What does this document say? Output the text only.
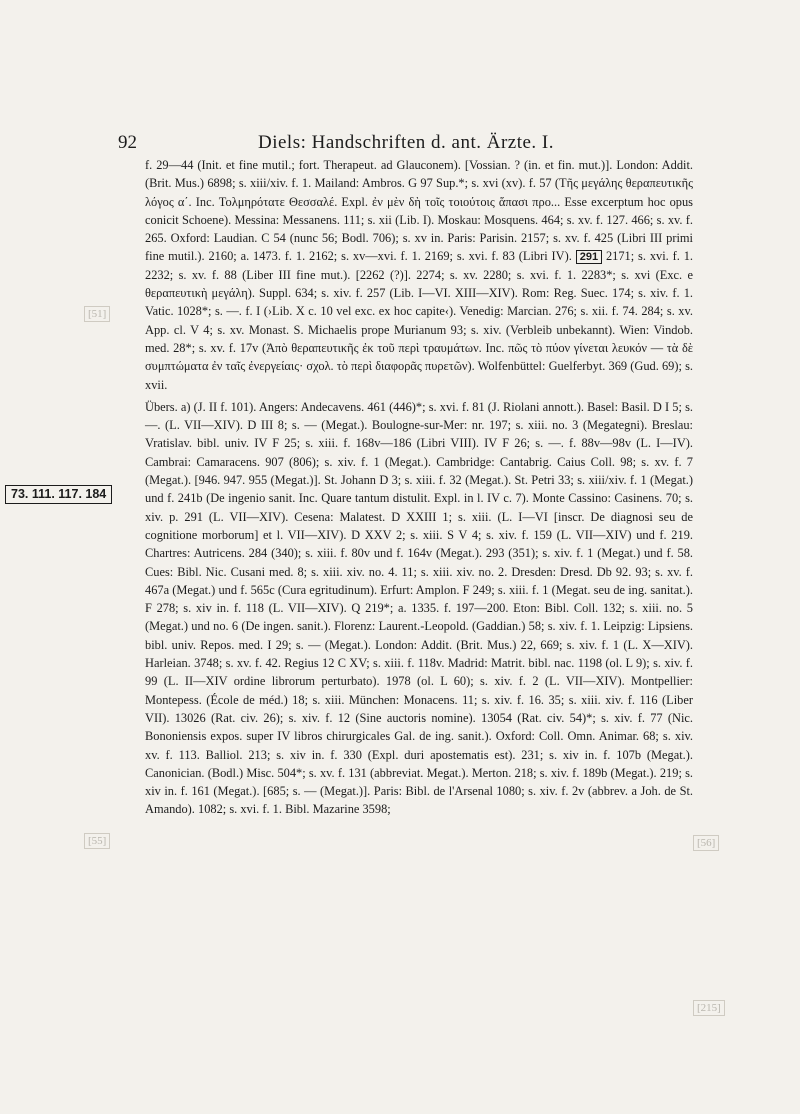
92	Diels: Handschriften d. ant. Ärzte. I.
[51]
[55]	[56]
[215]
73. 111. 117. 184

f. 29—44 (Init. et fine mutil.; fort. Therapeut. ad Glauconem). [Vossian. ? (in. et fin. mut.)]. London: Addit. (Brit. Mus.) 6898; s. xiii/xiv. f. 1. Mailand: Ambros. G 97 Sup.*; s. xvi (xv). f. 57 (Τῆς μεγάλης θεραπευτικῆς λόγος α΄. Inc. Τολμηρότατε Θεσσαλέ. Expl. ἐν μὲν δὴ τοῖς τοιούτοις ἅπασι προ... Esse excerptum hoc opus conicit Schoene). Messina: Messanens. 111; s. xii (Lib. I). Moskau: Mosquens. 464; s. xv. f. 127. 466; s. xv. f. 265. Oxford: Laudian. C 54 (nunc 56; Bodl. 706); s. xv in. Paris: Parisin. 2157; s. xv. f. 425 (Libri III primi fine mutil.). 2160; a. 1473. f. 1. 2162; s. xv—xvi. f. 1. 2169; s. xvi. f. 83 (Libri IV). 291 2171; s. xvi. f. 1. 2232; s. xv. f. 88 (Liber III fine mut.). [2262 (?)]. 2274; s. xv. 2280; s. xvi. f. 1. 2283*; s. xvi (Exc. e θεραπευτικὴ μεγάλη). Suppl. 634; s. xiv. f. 257 (Lib. I—VI. XIII—XIV). Rom: Reg. Suec. 174; s. xiv. f. 1. Vatic. 1028*; s. —. f. I (›Lib. X c. 10 vel exc. ex hoc capite‹). Venedig: Marcian. 276; s. xii. f. 74. 284; s. xv. App. cl. V 4; s. xv. Monast. S. Michaelis prope Murianum 93; s. xiv. (Verbleib unbekannt). Wien: Vindob. med. 28*; s. xv. f. 17v (Ἀπὸ θεραπευτικῆς ἐκ τοῦ περὶ τραυμάτων. Inc. πῶς τὸ πύον γίνεται λευκόν — τὰ δὲ συμπτώματα ἐν ταῖς ἐνεργείαις· σχολ. τὸ περὶ διαφορᾶς πυρετῶν). Wolfenbüttel: Guelferbyt. 369 (Gud. 69); s. xvii.

Übers. a) (J. II f. 101). Angers: Andecavens. 461 (446)*; s. xvi. f. 81 (J. Riolani annott.). Basel: Basil. D I 5; s. —. (L. VII—XIV). D III 8; s. — (Megat.). Boulogne-sur-Mer: nr. 197; s. xiii. no. 3 (Megategni). Breslau: Vratislav. bibl. univ. IV F 25; s. xiii. f. 168v—186 (Libri VIII). IV F 26; s. —. f. 88v—98v (L. I—IV). Cambrai: Camaracens. 907 (806); s. xiv. f. 1 (Megat.). Cambridge: Cantabrig. Caius Coll. 98; s. xv. f. 7 (Megat.). [946. 947. 955 (Megat.)]. St. Johann D 3; s. xiii. f. 32 (Megat.). St. Petri 33; s. xiii/xiv. f. 1 (Megat.) und f. 241b (De ingenio sanit. Inc. Quare tantum distulit. Expl. in l. IV c. 7). Monte Cassino: Casinens. 70; s. xiv. p. 291 (L. VII—XIV). Cesena: Malatest. D XXIII 1; s. xiii. (L. I—VI [inscr. De diagnosi seu de cognitione morborum] et l. VII—XIV). D XXV 2; s. xiii. S V 4; s. xiv. f. 159 (L. VII—XIV) und f. 219. Chartres: Autricens. 284 (340); s. xiii. f. 80v und f. 164v (Megat.). 293 (351); s. xiv. f. 1 (Megat.) und f. 58. Cues: Bibl. Nic. Cusani med. 8; s. xiii. xiv. no. 4. 11; s. xiii. xiv. no. 2. Dresden: Dresd. Db 92. 93; s. xv. f. 467a (Megat.) und f. 565c (Cura egritudinum). Erfurt: Amplon. F 249; s. xiii. f. 1 (Megat. seu de ing. sanitat.). F 278; s. xiv in. f. 118 (L. VII—XIV). Q 219*; a. 1335. f. 197—200. Eton: Bibl. Coll. 132; s. xiii. no. 5 (Megat.) und no. 6 (De ingen. sanit.). Florenz: Laurent.-Leopold. (Gaddian.) 58; s. xiv. f. 1. Leipzig: Lipsiens. bibl. univ. Repos. med. I 29; s. — (Megat.). London: Addit. (Brit. Mus.) 22, 669; s. xiv. f. 1 (L. X—XIV). Harleian. 3748; s. xv. f. 42. Regius 12 C XV; s. xiii. f. 118v. Madrid: Matrit. bibl. nac. 1198 (ol. L 9); s. xiv. f. 99 (L. II—XIV ordine librorum perturbato). 1978 (ol. L 60); s. xiv. f. 2 (L. VII—XIV). Montpellier: Montepess. (École de méd.) 18; s. xiii. München: Monacens. 11; s. xiv. f. 16. 35; s. xiii. xiv. f. 116 (Liber VII). 13026 (Rat. civ. 26); s. xiv. f. 12 (Sine auctoris nomine). 13054 (Rat. civ. 54)*; s. xiv. f. 77 (Nic. Bononiensis expos. super IV libros chirurgicales Gal. de ing. sanit.). Oxford: Coll. Omn. Animar. 68; s. xiv. xv. f. 113. Balliol. 213; s. xiv in. f. 330 (Expl. duri apostematis est). 231; s. xiv in. f. 107b (Megat.). Canonician. (Bodl.) Misc. 504*; s. xv. f. 131 (abbreviat. Megat.). Merton. 218; s. xiv. f. 189b (Megat.). 219; s. xiv in. f. 161 (Megat.). [685; s. — (Megat.)]. Paris: Bibl. de l'Arsenal 1080; s. xiv. f. 2v (abbrev. a Joh. de St. Amando). 1082; s. xvi. f. 1. Bibl. Mazarine 3598;
